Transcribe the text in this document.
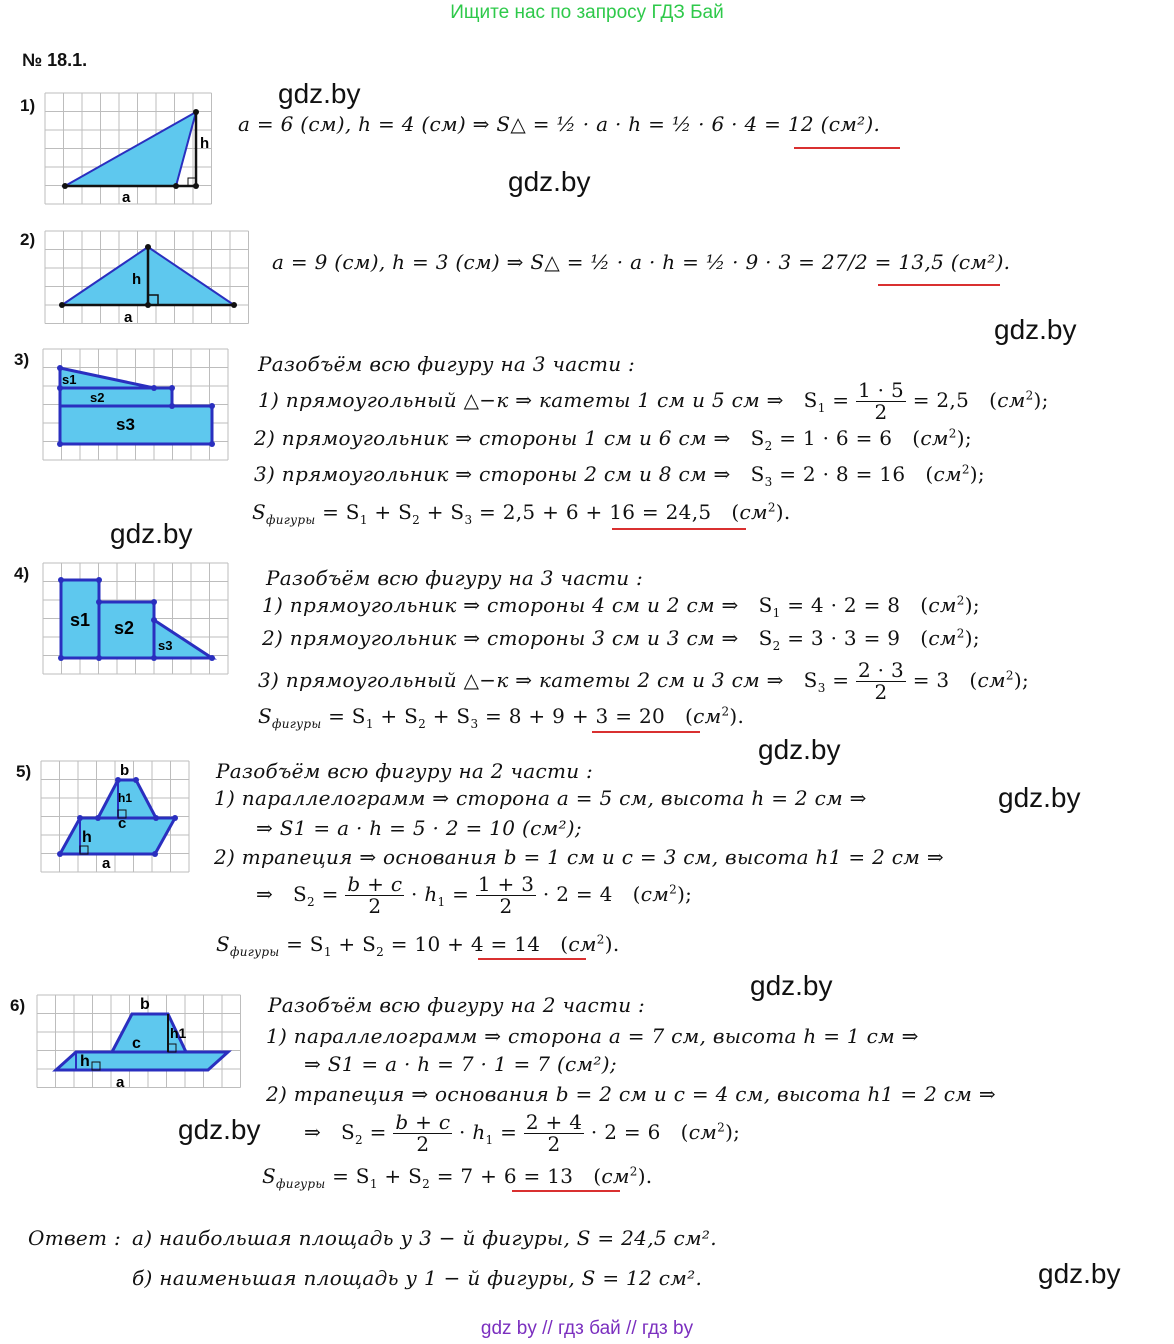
Ищите нас по запросу ГДЗ Бай
№ 18.1.
gdz.by
gdz.by
gdz.by
gdz.by
gdz.by
gdz.by
gdz.by
gdz.by
gdz.by
1)
a
h
a = 6 (см), h = 4 (см) ⇒ S△ = ½ · a · h = ½ · 6 · 4 = 12 (см²).
2)
a
h
a = 9 (см), h = 3 (см) ⇒ S△ = ½ · a · h = ½ · 9 · 3 = 27/2 = 13,5 (см²).
3)
s1
s2
s3
Разобъём всю фигуру на 3 части :
1) прямоугольный △−к ⇒ катеты 1 см и 5 см ⇒   $S_1 = \frac{1 \cdot 5}{2} = 2,5$   $(см^2)$;
2) прямоугольник ⇒ стороны 1 см и 6 см ⇒   $S_2 = 1 \cdot 6 = 6$   $(см^2)$;
3) прямоугольник ⇒ стороны 2 см и 8 см ⇒   $S_3 = 2 \cdot 8 = 16$   $(см^2)$;
$S_{фигуры} = S_1 + S_2 + S_3 = 2,5 + 6 + 16 = 24,5$   $(см^2)$.
4)
s1 s2
s3
Разобъём всю фигуру на 3 части :
1) прямоугольник ⇒ стороны 4 см и 2 см ⇒   $S_1 = 4 \cdot 2 = 8$   $(см^2)$;
2) прямоугольник ⇒ стороны 3 см и 3 см ⇒   $S_2 = 3 \cdot 3 = 9$   $(см^2)$;
3) прямоугольный △−к ⇒ катеты 2 см и 3 см ⇒   $S_3 = \frac{2 \cdot 3}{2} = 3$   $(см^2)$;
$S_{фигуры} = S_1 + S_2 + S_3 = 8 + 9 + 3 = 20$   $(см^2)$.
5)	b
h1
c
h
a
Разобъём всю фигуру на 2 части :
1) параллелограмм ⇒ сторона a = 5 см, высота h = 2 см ⇒
⇒ S1 = a · h = 5 · 2 = 10 (см²);
2) трапеция ⇒ основания b = 1 см и c = 3 см, высота h1 = 2 см ⇒
⇒   $S_2 = \frac{b + c}{2} \cdot h_1 = \frac{1 + 3}{2} \cdot 2 = 4$   $(см^2)$;
$S_{фигуры} = S_1 + S_2 = 10 + 4 = 14$   $(см^2)$.
6)	b
h1
c
h
a
Разобъём всю фигуру на 2 части :
1) параллелограмм ⇒ сторона a = 7 см, высота h = 1 см ⇒
⇒ S1 = a · h = 7 · 1 = 7 (см²);
2) трапеция ⇒ основания b = 2 см и c = 4 см, высота h1 = 2 см ⇒
⇒   $S_2 = \frac{b + c}{2} \cdot h_1 = \frac{2 + 4}{2} \cdot 2 = 6$   $(см^2)$;
$S_{фигуры} = S_1 + S_2 = 7 + 6 = 13$   $(см^2)$.
Ответ : а) наибольшая площадь у 3 − й фигуры, S = 24,5 см².
б) наименьшая площадь у 1 − й фигуры, S = 12 см².
gdz by // гдз бай // гдз by
